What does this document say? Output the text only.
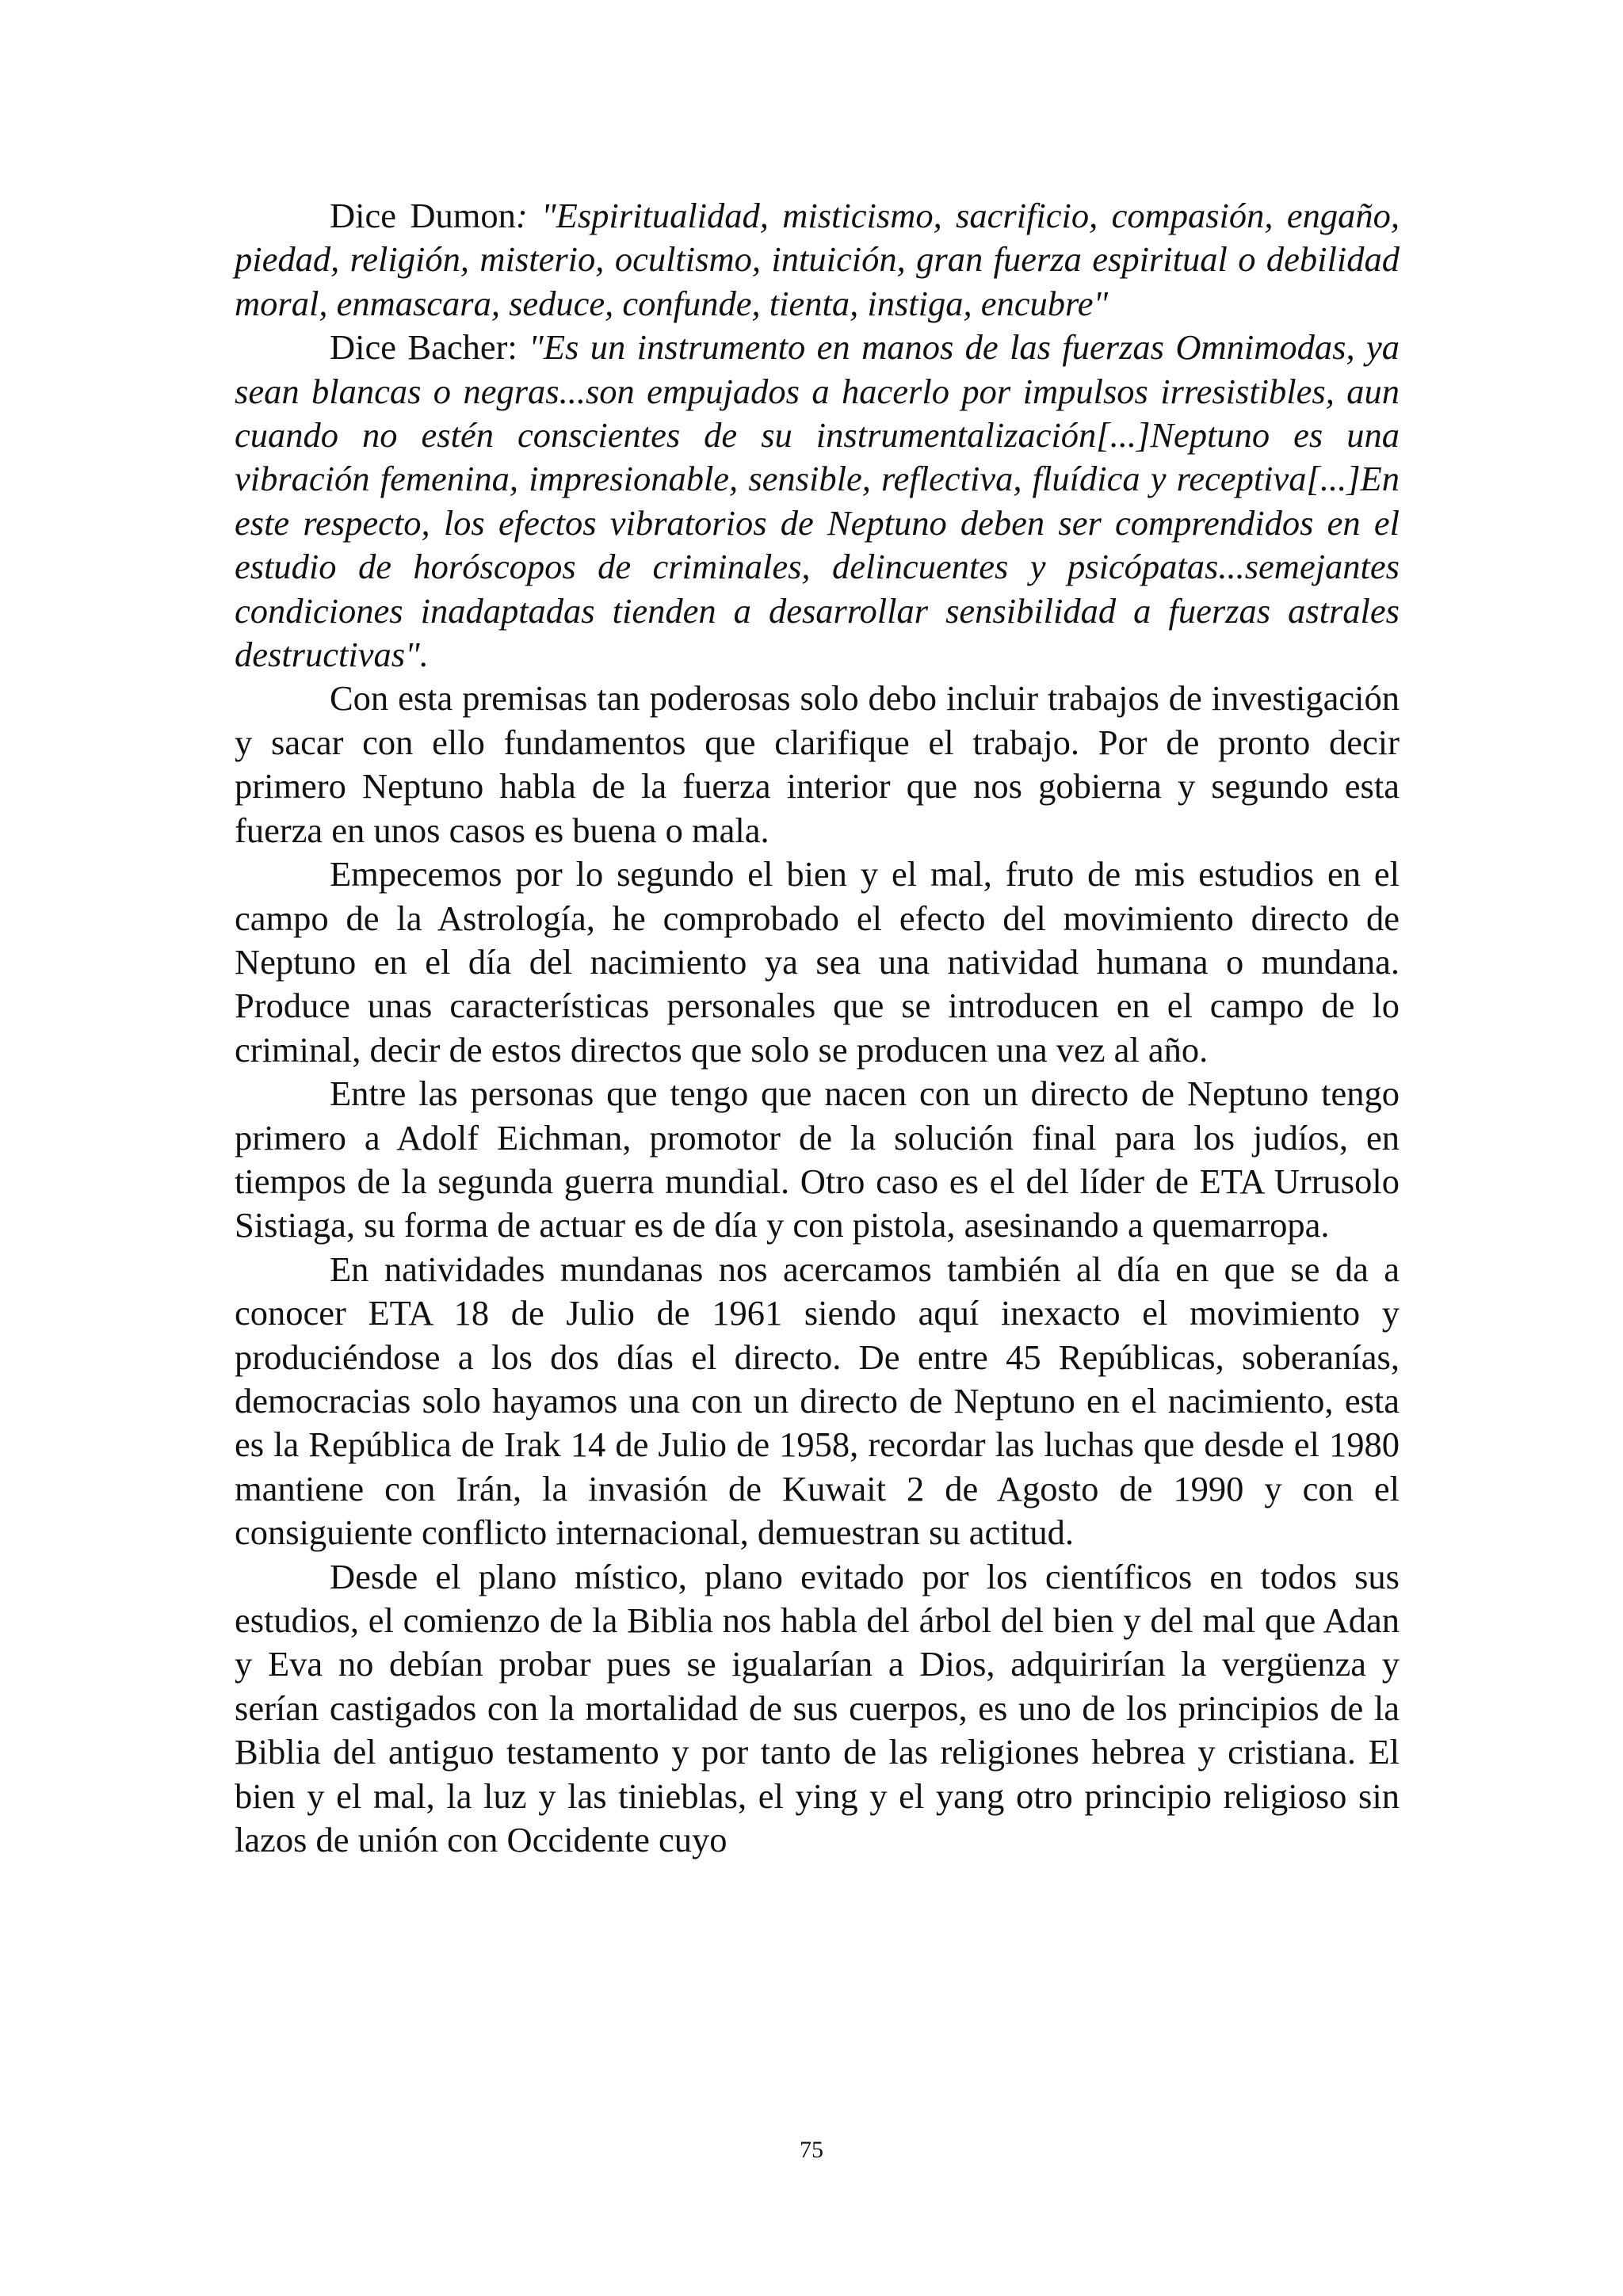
Dice Dumon: "Espiritualidad, misticismo, sacrificio, compasión, engaño, piedad, religión, misterio, ocultismo, intuición, gran fuerza espiritual o debilidad moral, enmascara, seduce, confunde, tienta, instiga, encubre"

Dice Bacher: "Es un instrumento en manos de las fuerzas Omnimodas, ya sean blancas o negras...son empujados a hacerlo por impulsos irresistibles, aun cuando no estén conscientes de su instrumentalización[...]Neptuno es una vibración femenina, impresionable, sensible, reflectiva, fluídica y receptiva[...]En este respecto, los efectos vibratorios de Neptuno deben ser comprendidos en el estudio de horóscopos de criminales, delincuentes y psicópatas...semejantes condiciones inadaptadas tienden a desarrollar sensibilidad a fuerzas astrales destructivas".

Con esta premisas tan poderosas solo debo incluir trabajos de investigación y sacar con ello fundamentos que clarifique el trabajo. Por de pronto decir primero Neptuno habla de la fuerza interior que nos gobierna y segundo esta fuerza en unos casos es buena o mala.

Empecemos por lo segundo el bien y el mal, fruto de mis estudios en el campo de la Astrología, he comprobado el efecto del movimiento directo de Neptuno en el día del nacimiento ya sea una natividad humana o mundana. Produce unas características personales que se introducen en el campo de lo criminal, decir de estos directos que solo se producen una vez al año.

Entre las personas que tengo que nacen con un directo de Neptuno tengo primero a Adolf Eichman, promotor de la solución final para los judíos, en tiempos de la segunda guerra mundial. Otro caso es el del líder de ETA Urrusolo Sistiaga, su forma de actuar es de día y con pistola, asesinando a quemarropa.

En natividades mundanas nos acercamos también al día en que se da a conocer ETA 18 de Julio de 1961 siendo aquí inexacto el movimiento y produciéndose a los dos días el directo. De entre 45 Repúblicas, soberanías, democracias solo hayamos una con un directo de Neptuno en el nacimiento, esta es la República de Irak 14 de Julio de 1958, recordar las luchas que desde el 1980 mantiene con Irán, la invasión de Kuwait 2 de Agosto de 1990 y con el consiguiente conflicto internacional, demuestran su actitud.

Desde el plano místico, plano evitado por los científicos en todos sus estudios, el comienzo de la Biblia nos habla del árbol del bien y del mal que Adan y Eva no debían probar pues se igualarían a Dios, adquirirían la vergüenza y serían castigados con la mortalidad de sus cuerpos, es uno de los principios de la Biblia del antiguo testamento y por tanto de las religiones hebrea y cristiana. El bien y el mal, la luz y las tinieblas, el ying y el yang otro principio religioso sin lazos de unión con Occidente cuyo

75
